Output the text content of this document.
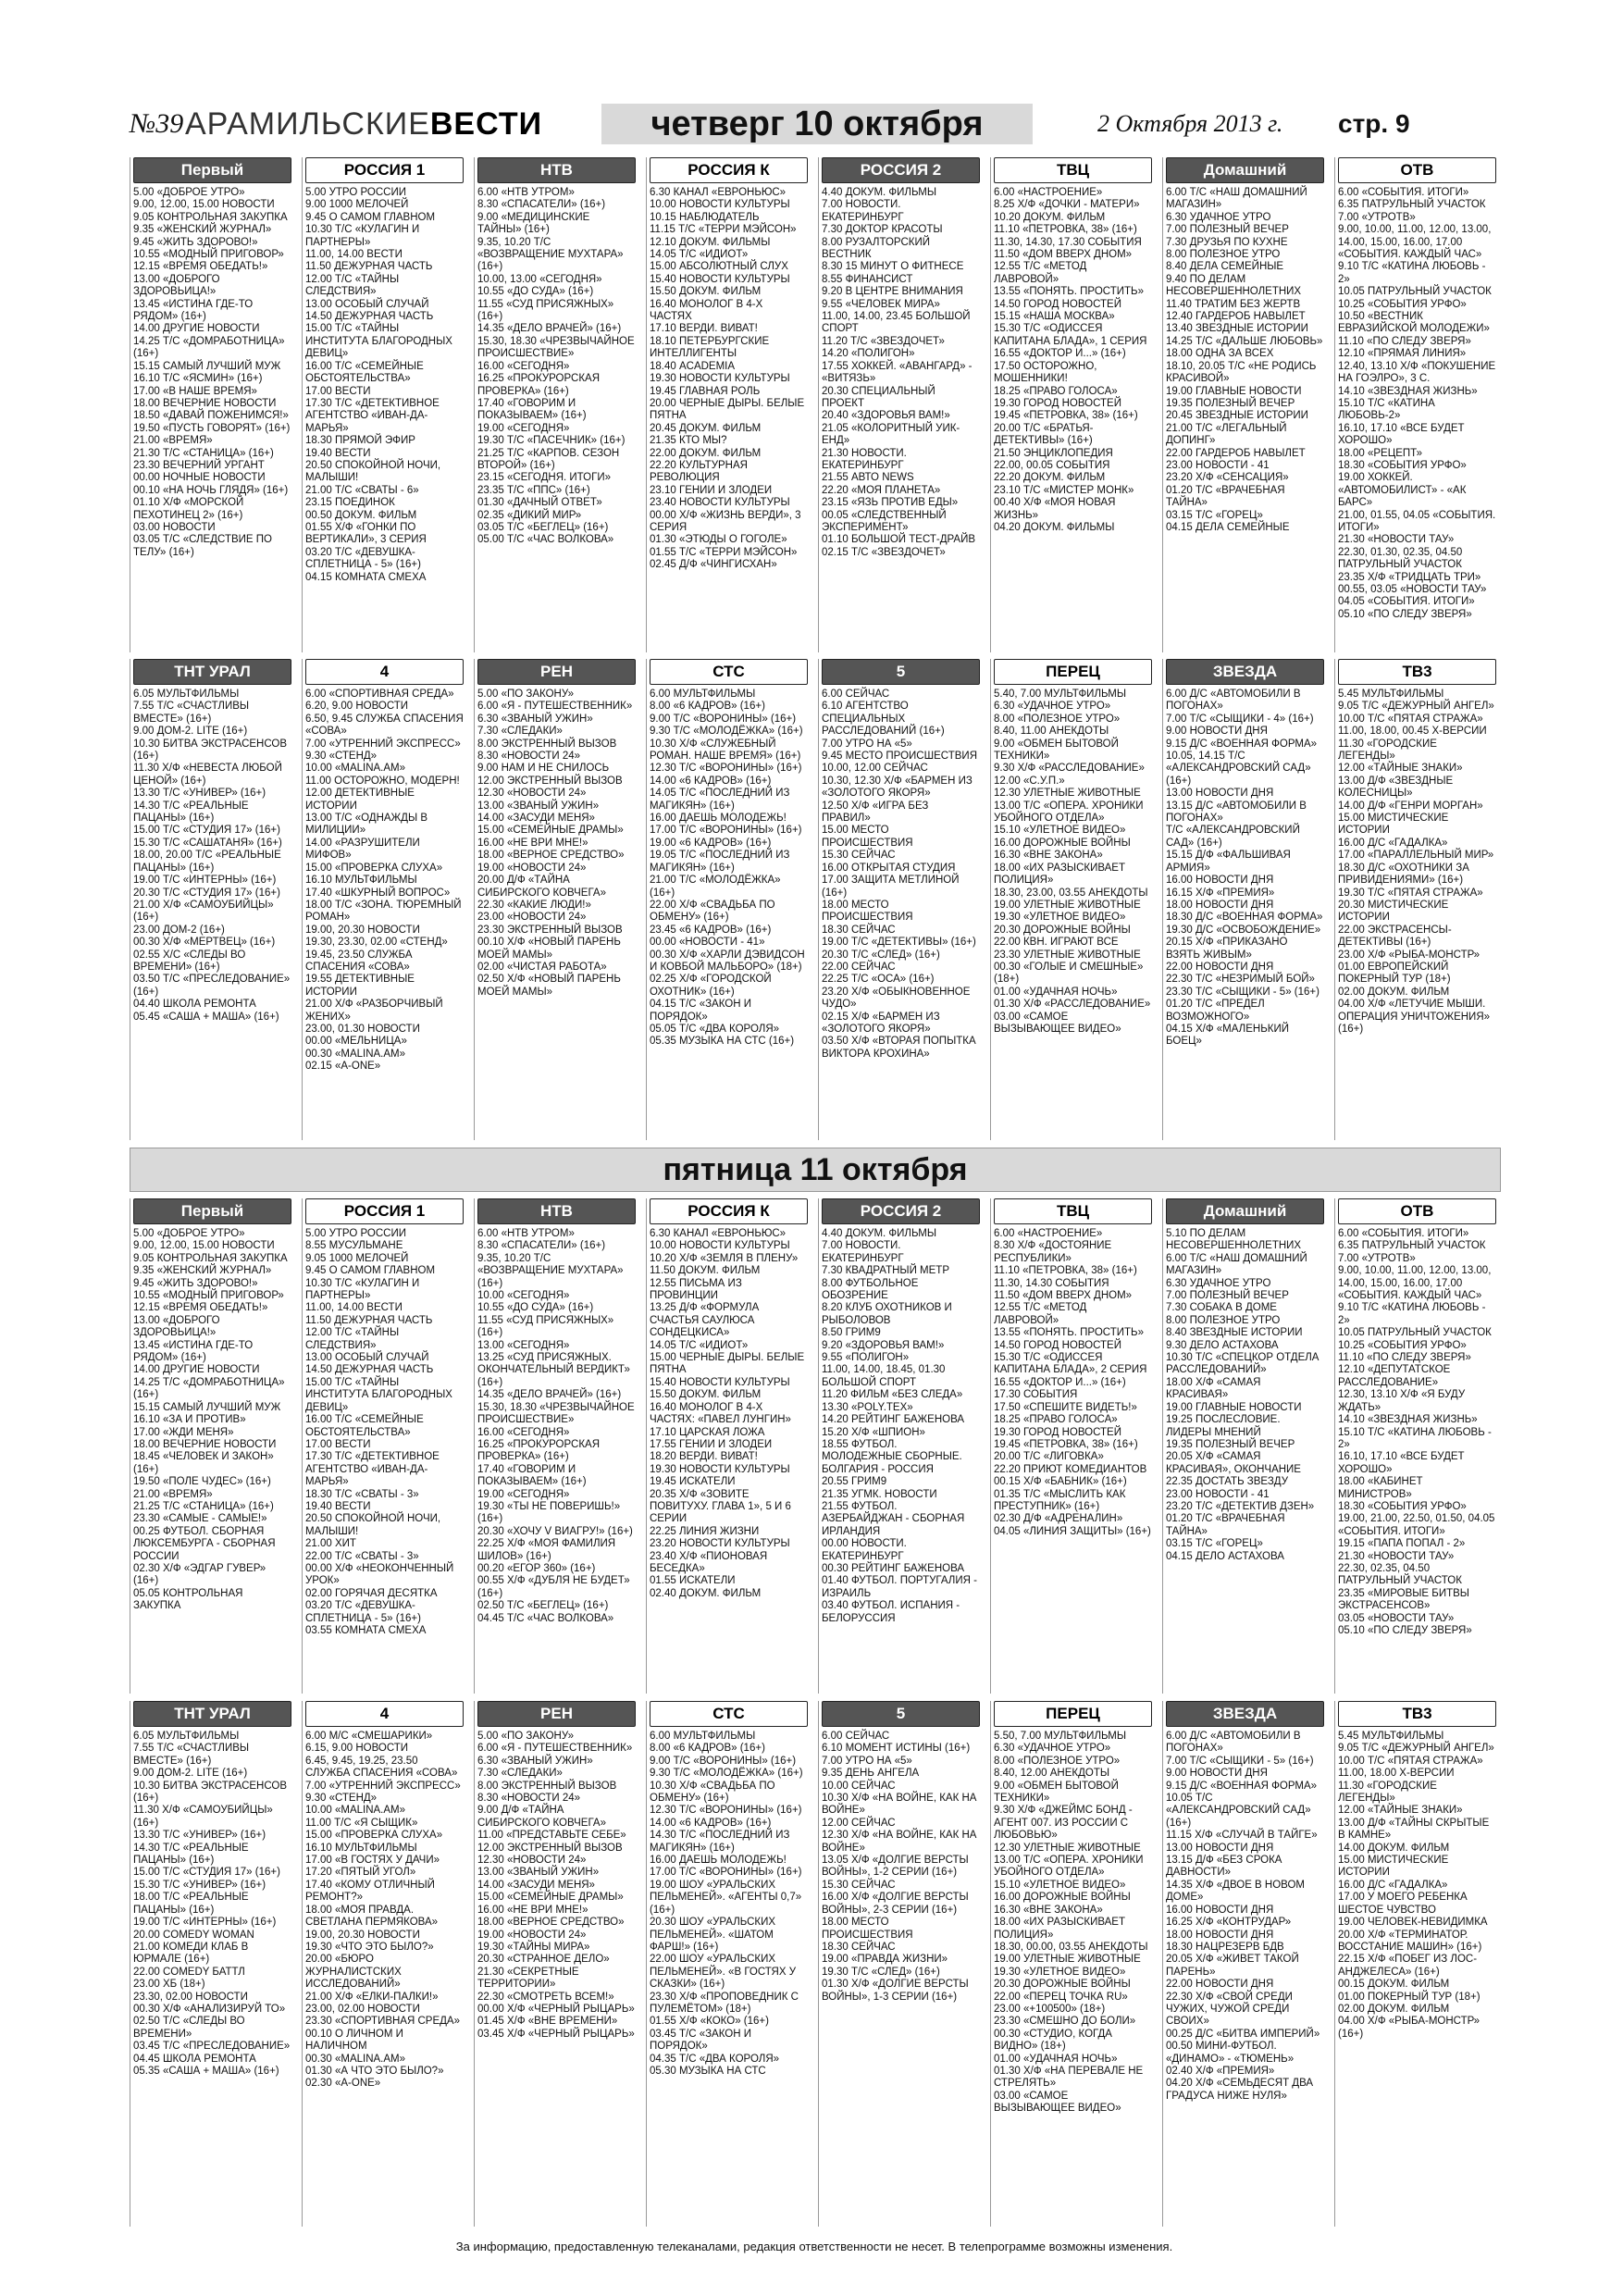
№39 АРАМИЛЬСКИЕВЕСТИ	четверг 10 октября	2 Октября 2013 г.	стр. 9
Первый
5.00 «ДОБРОЕ УТРО»
9.00, 12.00, 15.00 НОВОСТИ
9.05 КОНТРОЛЬНАЯ ЗАКУПКА
9.35 «ЖЕНСКИЙ ЖУРНАЛ»
9.45 «ЖИТЬ ЗДОРОВО!»
10.55 «МОДНЫЙ ПРИГОВОР»
12.15 «ВРЕМЯ ОБЕДАТЬ!»
13.00 «ДОБРОГО ЗДОРОВЬИЦА!»
13.45 «ИСТИНА ГДЕ-ТО РЯДОМ» (16+)
14.00 ДРУГИЕ НОВОСТИ
14.25 Т/С «ДОМРАБОТНИЦА» (16+)
15.15 САМЫЙ ЛУЧШИЙ МУЖ
16.10 Т/С «ЯСМИН» (16+)
17.00 «В НАШЕ ВРЕМЯ»
18.00 ВЕЧЕРНИЕ НОВОСТИ
18.50 «ДАВАЙ ПОЖЕНИМСЯ!»
19.50 «ПУСТЬ ГОВОРЯТ» (16+)
21.00 «ВРЕМЯ»
21.30 Т/С «СТАНИЦА» (16+)
23.30 ВЕЧЕРНИЙ УРГАНТ
00.00 НОЧНЫЕ НОВОСТИ
00.10 «НА НОЧЬ ГЛЯДЯ» (16+)
01.10 Х/Ф «МОРСКОЙ ПЕХОТИНЕЦ 2» (16+)
03.00 НОВОСТИ
03.05 Т/С «СЛЕДСТВИЕ ПО ТЕЛУ» (16+)
РОССИЯ 1
5.00 УТРО РОССИИ
9.00 1000 МЕЛОЧЕЙ
9.45 О САМОМ ГЛАВНОМ
10.30 Т/С «КУЛАГИН И ПАРТНЕРЫ»
11.00, 14.00 ВЕСТИ
11.50 ДЕЖУРНАЯ ЧАСТЬ
12.00 Т/С «ТАЙНЫ СЛЕДСТВИЯ»
13.00 ОСОБЫЙ СЛУЧАЙ
14.50 ДЕЖУРНАЯ ЧАСТЬ
15.00 Т/С «ТАЙНЫ ИНСТИТУТА БЛАГОРОДНЫХ ДЕВИЦ»
16.00 Т/С «СЕМЕЙНЫЕ ОБСТОЯТЕЛЬСТВА»
17.00 ВЕСТИ
17.30 Т/С «ДЕТЕКТИВНОЕ АГЕНТСТВО «ИВАН-ДА-МАРЬЯ»
18.30 ПРЯМОЙ ЭФИР
19.40 ВЕСТИ
20.50 СПОКОЙНОЙ НОЧИ, МАЛЫШИ!
21.00 Т/С «СВАТЫ - 6»
23.15 ПОЕДИНОК
00.50 ДОКУМ. ФИЛЬМ
01.55 Х/Ф «ГОНКИ ПО ВЕРТИКАЛИ», 3 СЕРИЯ
03.20 Т/С «ДЕВУШКА-СПЛЕТНИЦА - 5» (16+)
04.15 КОМНАТА СМЕХА
НТВ
6.00 «НТВ УТРОМ»
8.30 «СПАСАТЕЛИ» (16+)
9.00 «МЕДИЦИНСКИЕ ТАЙНЫ» (16+)
9.35, 10.20 Т/С «ВОЗВРАЩЕНИЕ МУХТАРА» (16+)
10.00, 13.00 «СЕГОДНЯ»
10.55 «ДО СУДА» (16+)
11.55 «СУД ПРИСЯЖНЫХ» (16+)
14.35 «ДЕЛО ВРАЧЕЙ» (16+)
15.30, 18.30 «ЧРЕЗВЫЧАЙНОЕ ПРОИСШЕСТВИЕ»
16.00 «СЕГОДНЯ»
16.25 «ПРОКУРОРСКАЯ ПРОВЕРКА» (16+)
17.40 «ГОВОРИМ И ПОКАЗЫВАЕМ» (16+)
19.00 «СЕГОДНЯ»
19.30 Т/С «ПАСЕЧНИК» (16+)
21.25 Т/С «КАРПОВ. СЕЗОН ВТОРОЙ» (16+)
23.15 «СЕГОДНЯ. ИТОГИ»
23.35 Т/С «ППС» (16+)
01.30 «ДАЧНЫЙ ОТВЕТ»
02.35 «ДИКИЙ МИР»
03.05 Т/С «БЕГЛЕЦ» (16+)
05.00 Т/С «ЧАС ВОЛКОВА»
РОССИЯ К
6.30 КАНАЛ «ЕВРОНЬЮС»
10.00 НОВОСТИ КУЛЬТУРЫ
10.15 НАБЛЮДАТЕЛЬ
11.15 Т/С «ТЕРРИ МЭЙСОН»
12.10 ДОКУМ. ФИЛЬМЫ
14.05 Т/С «ИДИОТ»
15.00 АБСОЛЮТНЫЙ СЛУХ
15.40 НОВОСТИ КУЛЬТУРЫ
15.50 ДОКУМ. ФИЛЬМ
16.40 МОНОЛОГ В 4-Х ЧАСТЯХ
17.10 ВЕРДИ. ВИВАТ!
18.10 ПЕТЕРБУРГСКИЕ ИНТЕЛЛИГЕНТЫ
18.40 ACADEMIA
19.30 НОВОСТИ КУЛЬТУРЫ
19.45 ГЛАВНАЯ РОЛЬ
20.00 ЧЕРНЫЕ ДЫРЫ. БЕЛЫЕ ПЯТНА
20.45 ДОКУМ. ФИЛЬМ
21.35 КТО МЫ?
22.00 ДОКУМ. ФИЛЬМ
22.20 КУЛЬТУРНАЯ РЕВОЛЮЦИЯ
23.10 ГЕНИИ И ЗЛОДЕИ
23.40 НОВОСТИ КУЛЬТУРЫ
00.00 Х/Ф «ЖИЗНЬ ВЕРДИ», 3 СЕРИЯ
01.30 «ЭТЮДЫ О ГОГОЛЕ»
01.55 Т/С «ТЕРРИ МЭЙСОН»
02.45 Д/Ф «ЧИНГИСХАН»
РОССИЯ 2
4.40 ДОКУМ. ФИЛЬМЫ
7.00 НОВОСТИ. ЕКАТЕРИНБУРГ
7.30 ДОКТОР КРАСОТЫ
8.00 РУЗАЛТОРСКИЙ ВЕСТНИК
8.30 15 МИНУТ О ФИТНЕСЕ
8.55 ФИНАНСИСТ
9.20 В ЦЕНТРЕ ВНИМАНИЯ
9.55 «ЧЕЛОВЕК МИРА»
11.00, 14.00, 23.45 БОЛЬШОЙ СПОРТ
11.20 Т/С «ЗВЕЗДОЧЕТ»
14.20 «ПОЛИГОН»
17.55 ХОККЕЙ. «АВАНГАРД» - «ВИТЯЗЬ»
20.30 СПЕЦИАЛЬНЫЙ ПРОЕКТ
20.40 «ЗДОРОВЬЯ ВАМ!»
21.05 «КОЛОРИТНЫЙ УИК-ЕНД»
21.30 НОВОСТИ. ЕКАТЕРИНБУРГ
21.55 АВТО NEWS
22.20 «МОЯ ПЛАНЕТА»
23.15 «ЯЗЬ ПРОТИВ ЕДЫ»
00.05 «СЛЕДСТВЕННЫЙ ЭКСПЕРИМЕНТ»
01.10 БОЛЬШОЙ ТЕСТ-ДРАЙВ
02.15 Т/С «ЗВЕЗДОЧЕТ»
ТВЦ
6.00 «НАСТРОЕНИЕ»
8.25 Х/Ф «ДОЧКИ - МАТЕРИ»
10.20 ДОКУМ. ФИЛЬМ
11.10 «ПЕТРОВКА, 38» (16+)
11.30, 14.30, 17.30 СОБЫТИЯ
11.50 «ДОМ ВВЕРХ ДНОМ»
12.55 Т/С «МЕТОД ЛАВРОВОЙ»
13.55 «ПОНЯТЬ. ПРОСТИТЬ»
14.50 ГОРОД НОВОСТЕЙ
15.15 «НАША МОСКВА»
15.30 Т/С «ОДИССЕЯ КАПИТАНА БЛАДА», 1 СЕРИЯ
16.55 «ДОКТОР И...» (16+)
17.50 ОСТОРОЖНО, МОШЕННИКИ!
18.25 «ПРАВО ГОЛОСА»
19.30 ГОРОД НОВОСТЕЙ
19.45 «ПЕТРОВКА, 38» (16+)
20.00 Т/С «БРАТЬЯ-ДЕТЕКТИВЫ» (16+)
21.50 ЭНЦИКЛОПЕДИЯ
22.00, 00.05 СОБЫТИЯ
22.20 ДОКУМ. ФИЛЬМ
23.10 Т/С «МИСТЕР МОНК»
00.40 Х/Ф «МОЯ НОВАЯ ЖИЗНЬ»
04.20 ДОКУМ. ФИЛЬМЫ
Домашний
6.00 Т/С «НАШ ДОМАШНИЙ МАГАЗИН»
6.30 УДАЧНОЕ УТРО
7.00 ПОЛЕЗНЫЙ ВЕЧЕР
7.30 ДРУЗЬЯ ПО КУХНЕ
8.00 ПОЛЕЗНОЕ УТРО
8.40 ДЕЛА СЕМЕЙНЫЕ
9.40 ПО ДЕЛАМ НЕСОВЕРШЕННОЛЕТНИХ
11.40 ТРАТИМ БЕЗ ЖЕРТВ
12.40 ГАРДЕРОБ НАВЫЛЕТ
13.40 ЗВЕЗДНЫЕ ИСТОРИИ
14.25 Т/С «ДАЛЬШЕ ЛЮБОВЬ»
18.00 ОДНА ЗА ВСЕХ
18.10, 20.05 Т/С «НЕ РОДИСЬ КРАСИВОЙ»
19.00 ГЛАВНЫЕ НОВОСТИ
19.35 ПОЛЕЗНЫЙ ВЕЧЕР
20.45 ЗВЕЗДНЫЕ ИСТОРИИ
21.00 Т/С «ЛЕГАЛЬНЫЙ ДОПИНГ»
22.00 ГАРДЕРОБ НАВЫЛЕТ
23.00 НОВОСТИ - 41
23.20 Х/Ф «СЕНСАЦИЯ»
01.20 Т/С «ВРАЧЕБНАЯ ТАЙНА»
03.15 Т/С «ГОРЕЦ»
04.15 ДЕЛА СЕМЕЙНЫЕ
ОТВ
6.00 «СОБЫТИЯ. ИТОГИ»
6.35 ПАТРУЛЬНЫЙ УЧАСТОК
7.00 «УТРОТВ»
9.00, 10.00, 11.00, 12.00, 13.00, 14.00, 15.00, 16.00, 17.00 «СОБЫТИЯ. КАЖДЫЙ ЧАС»
9.10 Т/С «КАТИНА ЛЮБОВЬ - 2»
10.05 ПАТРУЛЬНЫЙ УЧАСТОК
10.25 «СОБЫТИЯ УРФО»
10.50 «ВЕСТНИК ЕВРАЗИЙСКОЙ МОЛОДЕЖИ»
11.10 «ПО СЛЕДУ ЗВЕРЯ»
12.10 «ПРЯМАЯ ЛИНИЯ»
12.40, 13.10 Х/Ф «ПОКУШЕНИЕ НА ГОЭЛРО», 3 С.
14.10 «ЗВЕЗДНАЯ ЖИЗНЬ»
15.10 Т/С «КАТИНА ЛЮБОВЬ-2»
16.10, 17.10 «ВСЕ БУДЕТ ХОРОШО»
18.00 «РЕЦЕПТ»
18.30 «СОБЫТИЯ УРФО»
19.00 ХОККЕЙ. «АВТОМОБИЛИСТ» - «АК БАРС»
21.00, 01.55, 04.05 «СОБЫТИЯ. ИТОГИ»
21.30 «НОВОСТИ ТАУ»
22.30, 01.30, 02.35, 04.50 ПАТРУЛЬНЫЙ УЧАСТОК
23.35 Х/Ф «ТРИДЦАТЬ ТРИ»
00.55, 03.05 «НОВОСТИ ТАУ»
04.05 «СОБЫТИЯ. ИТОГИ»
05.10 «ПО СЛЕДУ ЗВЕРЯ»
ТНТ УРАЛ
6.05 МУЛЬТФИЛЬМЫ
7.55 Т/С «СЧАСТЛИВЫ ВМЕСТЕ» (16+)
9.00 ДОМ-2. LITE (16+)
10.30 БИТВА ЭКСТРАСЕНСОВ (16+)
11.30 Х/Ф «НЕВЕСТА ЛЮБОЙ ЦЕНОЙ» (16+)
13.30 Т/С «УНИВЕР» (16+)
14.30 Т/С «РЕАЛЬНЫЕ ПАЦАНЫ» (16+)
15.00 Т/С «СТУДИЯ 17» (16+)
15.30 Т/С «САШАТАНЯ» (16+)
18.00, 20.00 Т/С «РЕАЛЬНЫЕ ПАЦАНЫ» (16+)
19.00 Т/С «ИНТЕРНЫ» (16+)
20.30 Т/С «СТУДИЯ 17» (16+)
21.00 Х/Ф «САМОУБИЙЦЫ» (16+)
23.00 ДОМ-2 (16+)
00.30 Х/Ф «МЕРТВЕЦ» (16+)
02.55 Х/С «СЛЕДЫ ВО ВРЕМЕНИ» (16+)
03.50 Т/С «ПРЕСЛЕДОВАНИЕ» (16+)
04.40 ШКОЛА РЕМОНТА
05.45 «САША + МАША» (16+)
4
6.00 «СПОРТИВНАЯ СРЕДА»
6.20, 9.00 НОВОСТИ
6.50, 9.45 СЛУЖБА СПАСЕНИЯ «СОВА»
7.00 «УТРЕННИЙ ЭКСПРЕСС»
9.30 «СТЕНД»
10.00 «MALINA.AM»
11.00 ОСТОРОЖНО, МОДЕРН!
12.00 ДЕТЕКТИВНЫЕ ИСТОРИИ
13.00 Т/С «ОДНАЖДЫ В МИЛИЦИИ»
14.00 «РАЗРУШИТЕЛИ МИФОВ»
15.00 «ПРОВЕРКА СЛУХА»
16.10 МУЛЬТФИЛЬМЫ
17.40 «ШКУРНЫЙ ВОПРОС»
18.00 Т/С «ЗОНА. ТЮРЕМНЫЙ РОМАН»
19.00, 20.30 НОВОСТИ
19.30, 23.30, 02.00 «СТЕНД»
19.45, 23.50 СЛУЖБА СПАСЕНИЯ «СОВА»
19.55 ДЕТЕКТИВНЫЕ ИСТОРИИ
21.00 Х/Ф «РАЗБОРЧИВЫЙ ЖЕНИХ»
23.00, 01.30 НОВОСТИ
00.00 «МЕЛЬНИЦА»
00.30 «MALINA.AM»
02.15 «A-ONE»
РЕН
5.00 «ПО ЗАКОНУ»
6.00 «Я - ПУТЕШЕСТВЕННИК»
6.30 «ЗВАНЫЙ УЖИН»
7.30 «СЛЕДАКИ»
8.00 ЭКСТРЕННЫЙ ВЫЗОВ
8.30 «НОВОСТИ 24»
9.00 НАМ И НЕ СНИЛОСЬ
12.00 ЭКСТРЕННЫЙ ВЫЗОВ
12.30 «НОВОСТИ 24»
13.00 «ЗВАНЫЙ УЖИН»
14.00 «ЗАСУДИ МЕНЯ»
15.00 «СЕМЕЙНЫЕ ДРАМЫ»
16.00 «НЕ ВРИ МНЕ!»
18.00 «ВЕРНОЕ СРЕДСТВО»
19.00 «НОВОСТИ 24»
20.00 Д/Ф «ТАЙНА СИБИРСКОГО КОВЧЕГА»
22.30 «КАКИЕ ЛЮДИ!»
23.00 «НОВОСТИ 24»
23.30 ЭКСТРЕННЫЙ ВЫЗОВ
00.10 Х/Ф «НОВЫЙ ПАРЕНЬ МОЕЙ МАМЫ»
02.00 «ЧИСТАЯ РАБОТА»
02.50 Х/Ф «НОВЫЙ ПАРЕНЬ МОЕЙ МАМЫ»
СТС
6.00 МУЛЬТФИЛЬМЫ
8.00 «6 КАДРОВ» (16+)
9.00 Т/С «ВОРОНИНЫ» (16+)
9.30 Т/С «МОЛОДЁЖКА» (16+)
10.30 Х/Ф «СЛУЖЕБНЫЙ РОМАН. НАШЕ ВРЕМЯ» (16+)
12.30 Т/С «ВОРОНИНЫ» (16+)
14.00 «6 КАДРОВ» (16+)
14.05 Т/С «ПОСЛЕДНИЙ ИЗ МАГИКЯН» (16+)
16.00 ДАЕШЬ МОЛОДЕЖЬ!
17.00 Т/С «ВОРОНИНЫ» (16+)
19.00 «6 КАДРОВ» (16+)
19.05 Т/С «ПОСЛЕДНИЙ ИЗ МАГИКЯН» (16+)
21.00 Т/С «МОЛОДЁЖКА» (16+)
22.00 Х/Ф «СВАДЬБА ПО ОБМЕНУ» (16+)
23.45 «6 КАДРОВ» (16+)
00.00 «НОВОСТИ - 41»
00.30 Х/Ф «ХАРЛИ ДЭВИДСОН И КОВБОЙ МАЛЬБОРО» (18+)
02.25 Х/Ф «ГОРОДСКОЙ ОХОТНИК» (16+)
04.15 Т/С «ЗАКОН И ПОРЯДОК»
05.05 Т/С «ДВА КОРОЛЯ»
05.35 МУЗЫКА НА СТС (16+)
5
6.00 СЕЙЧАС
6.10 АГЕНТСТВО СПЕЦИАЛЬНЫХ РАССЛЕДОВАНИЙ (16+)
7.00 УТРО НА «5»
9.45 МЕСТО ПРОИСШЕСТВИЯ
10.00, 12.00 СЕЙЧАС
10.30, 12.30 Х/Ф «БАРМЕН ИЗ «ЗОЛОТОГО ЯКОРЯ»
12.50 Х/Ф «ИГРА БЕЗ ПРАВИЛ»
15.00 МЕСТО ПРОИСШЕСТВИЯ
15.30 СЕЙЧАС
16.00 ОТКРЫТАЯ СТУДИЯ
17.00 ЗАЩИТА МЕТЛИНОЙ (16+)
18.00 МЕСТО ПРОИСШЕСТВИЯ
18.30 СЕЙЧАС
19.00 Т/С «ДЕТЕКТИВЫ» (16+)
20.30 Т/С «СЛЕД» (16+)
22.00 СЕЙЧАС
22.25 Т/С «ОСА» (16+)
23.20 Х/Ф «ОБЫКНОВЕННОЕ ЧУДО»
02.15 Х/Ф «БАРМЕН ИЗ «ЗОЛОТОГО ЯКОРЯ»
03.50 Х/Ф «ВТОРАЯ ПОПЫТКА ВИКТОРА КРОХИНА»
ПЕРЕЦ
5.40, 7.00 МУЛЬТФИЛЬМЫ
6.30 «УДАЧНОЕ УТРО»
8.00 «ПОЛЕЗНОЕ УТРО»
8.40, 11.00 АНЕКДОТЫ
9.00 «ОБМЕН БЫТОВОЙ ТЕХНИКИ»
9.30 Х/Ф «РАССЛЕДОВАНИЕ»
12.00 «С.У.П.»
12.30 УЛЕТНЫЕ ЖИВОТНЫЕ
13.00 Т/С «ОПЕРА. ХРОНИКИ УБОЙНОГО ОТДЕЛА»
15.10 «УЛЕТНОЕ ВИДЕО»
16.00 ДОРОЖНЫЕ ВОЙНЫ
16.30 «ВНЕ ЗАКОНА»
18.00 «ИХ РАЗЫСКИВАЕТ ПОЛИЦИЯ»
18.30, 23.00, 03.55 АНЕКДОТЫ
19.00 УЛЕТНЫЕ ЖИВОТНЫЕ
19.30 «УЛЕТНОЕ ВИДЕО»
20.30 ДОРОЖНЫЕ ВОЙНЫ
22.00 КВН. ИГРАЮТ ВСЕ
23.30 УЛЕТНЫЕ ЖИВОТНЫЕ
00.30 «ГОЛЫЕ И СМЕШНЫЕ» (18+)
01.00 «УДАЧНАЯ НОЧЬ»
01.30 Х/Ф «РАССЛЕДОВАНИЕ»
03.00 «САМОЕ ВЫЗЫВАЮЩЕЕ ВИДЕО»
ЗВЕЗДА
6.00 Д/С «АВТОМОБИЛИ В ПОГОНАХ»
7.00 Т/С «СЫЩИКИ - 4» (16+)
9.00 НОВОСТИ ДНЯ
9.15 Д/С «ВОЕННАЯ ФОРМА»
10.05, 14.15 Т/С «АЛЕКСАНДРОВСКИЙ САД» (16+)
13.00 НОВОСТИ ДНЯ
13.15 Д/С «АВТОМОБИЛИ В ПОГОНАХ»
Т/С «АЛЕКСАНДРОВСКИЙ САД» (16+)
15.15 Д/Ф «ФАЛЬШИВАЯ АРМИЯ»
16.00 НОВОСТИ ДНЯ
16.15 Х/Ф «ПРЕМИЯ»
18.00 НОВОСТИ ДНЯ
18.30 Д/С «ВОЕННАЯ ФОРМА»
19.30 Д/С «ОСВОБОЖДЕНИЕ»
20.15 Х/Ф «ПРИКАЗАНО ВЗЯТЬ ЖИВЫМ»
22.00 НОВОСТИ ДНЯ
22.30 Т/С «НЕЗРИМЫЙ БОЙ»
23.30 Т/С «СЫЩИКИ - 5» (16+)
01.20 Т/С «ПРЕДЕЛ ВОЗМОЖНОГО»
04.15 Х/Ф «МАЛЕНЬКИЙ БОЕЦ»
ТВ3
5.45 МУЛЬТФИЛЬМЫ
9.05 Т/С «ДЕЖУРНЫЙ АНГЕЛ»
10.00 Т/С «ПЯТАЯ СТРАЖА»
11.00, 18.00, 00.45 Х-ВЕРСИИ
11.30 «ГОРОДСКИЕ ЛЕГЕНДЫ»
12.00 «ТАЙНЫЕ ЗНАКИ»
13.00 Д/Ф «ЗВЕЗДНЫЕ КОЛЕСНИЦЫ»
14.00 Д/Ф «ГЕНРИ МОРГАН»
15.00 МИСТИЧЕСКИЕ ИСТОРИИ
16.00 Д/С «ГАДАЛКА»
17.00 «ПАРАЛЛЕЛЬНЫЙ МИР»
18.30 Д/С «ОХОТНИКИ ЗА ПРИВИДЕНИЯМИ» (16+)
19.30 Т/С «ПЯТАЯ СТРАЖА»
20.30 МИСТИЧЕСКИЕ ИСТОРИИ
22.00 ЭКСТРАСЕНСЫ-ДЕТЕКТИВЫ (16+)
23.00 Х/Ф «РЫБА-МОНСТР»
01.00 ЕВРОПЕЙСКИЙ ПОКЕРНЫЙ ТУР (18+)
02.00 ДОКУМ. ФИЛЬМ
04.00 Х/Ф «ЛЕТУЧИЕ МЫШИ. ОПЕРАЦИЯ УНИЧТОЖЕНИЯ» (16+)
пятница 11 октября
Первый
5.00 «ДОБРОЕ УТРО»
9.00, 12.00, 15.00 НОВОСТИ
9.05 КОНТРОЛЬНАЯ ЗАКУПКА
9.35 «ЖЕНСКИЙ ЖУРНАЛ»
9.45 «ЖИТЬ ЗДОРОВО!»
10.55 «МОДНЫЙ ПРИГОВОР»
12.15 «ВРЕМЯ ОБЕДАТЬ!»
13.00 «ДОБРОГО ЗДОРОВЬИЦА!»
13.45 «ИСТИНА ГДЕ-ТО РЯДОМ» (16+)
14.00 ДРУГИЕ НОВОСТИ
14.25 Т/С «ДОМРАБОТНИЦА» (16+)
15.15 САМЫЙ ЛУЧШИЙ МУЖ
16.10 «ЗА И ПРОТИВ»
17.00 «ЖДИ МЕНЯ»
18.00 ВЕЧЕРНИЕ НОВОСТИ
18.45 «ЧЕЛОВЕК И ЗАКОН» (16+)
19.50 «ПОЛЕ ЧУДЕС» (16+)
21.00 «ВРЕМЯ»
21.25 Т/С «СТАНИЦА» (16+)
23.30 «САМЫЕ - САМЫЕ!»
00.25 ФУТБОЛ. СБОРНАЯ ЛЮКСЕМБУРГА - СБОРНАЯ РОССИИ
02.30 Х/Ф «ЭДГАР ГУВЕР» (16+)
05.05 КОНТРОЛЬНАЯ ЗАКУПКА
РОССИЯ 1
5.00 УТРО РОССИИ
8.55 МУСУЛЬМАНЕ
9.05 1000 МЕЛОЧЕЙ
9.45 О САМОМ ГЛАВНОМ
10.30 Т/С «КУЛАГИН И ПАРТНЕРЫ»
11.00, 14.00 ВЕСТИ
11.50 ДЕЖУРНАЯ ЧАСТЬ
12.00 Т/С «ТАЙНЫ СЛЕДСТВИЯ»
13.00 ОСОБЫЙ СЛУЧАЙ
14.50 ДЕЖУРНАЯ ЧАСТЬ
15.00 Т/С «ТАЙНЫ ИНСТИТУТА БЛАГОРОДНЫХ ДЕВИЦ»
16.00 Т/С «СЕМЕЙНЫЕ ОБСТОЯТЕЛЬСТВА»
17.00 ВЕСТИ
17.30 Т/С «ДЕТЕКТИВНОЕ АГЕНТСТВО «ИВАН-ДА-МАРЬЯ»
18.30 Т/С «СВАТЫ - 3»
19.40 ВЕСТИ
20.50 СПОКОЙНОЙ НОЧИ, МАЛЫШИ!
21.00 ХИТ
22.00 Т/С «СВАТЫ - 3»
00.00 Х/Ф «НЕОКОНЧЕННЫЙ УРОК»
02.00 ГОРЯЧАЯ ДЕСЯТКА
03.20 Т/С «ДЕВУШКА-СПЛЕТНИЦА - 5» (16+)
03.55 КОМНАТА СМЕХА
НТВ
6.00 «НТВ УТРОМ»
8.30 «СПАСАТЕЛИ» (16+)
9.35, 10.20 Т/С «ВОЗВРАЩЕНИЕ МУХТАРА» (16+)
10.00 «СЕГОДНЯ»
10.55 «ДО СУДА» (16+)
11.55 «СУД ПРИСЯЖНЫХ» (16+)
13.00 «СЕГОДНЯ»
13.25 «СУД ПРИСЯЖНЫХ. ОКОНЧАТЕЛЬНЫЙ ВЕРДИКТ» (16+)
14.35 «ДЕЛО ВРАЧЕЙ» (16+)
15.30, 18.30 «ЧРЕЗВЫЧАЙНОЕ ПРОИСШЕСТВИЕ»
16.00 «СЕГОДНЯ»
16.25 «ПРОКУРОРСКАЯ ПРОВЕРКА» (16+)
17.40 «ГОВОРИМ И ПОКАЗЫВАЕМ» (16+)
19.00 «СЕГОДНЯ»
19.30 «ТЫ НЕ ПОВЕРИШЬ!» (16+)
20.30 «ХОЧУ V ВИАГРУ!» (16+)
22.25 Х/Ф «МОЯ ФАМИЛИЯ ШИЛОВ» (16+)
00.20 «ЕГОР 360» (16+)
00.55 Х/Ф «ДУБЛЯ НЕ БУДЕТ» (16+)
02.50 Т/С «БЕГЛЕЦ» (16+)
04.45 Т/С «ЧАС ВОЛКОВА»
РОССИЯ К
6.30 КАНАЛ «ЕВРОНЬЮС»
10.00 НОВОСТИ КУЛЬТУРЫ
10.20 Х/Ф «ЗЕМЛЯ В ПЛЕНУ»
11.50 ДОКУМ. ФИЛЬМ
12.55 ПИСЬМА ИЗ ПРОВИНЦИИ
13.25 Д/Ф «ФОРМУЛА СЧАСТЬЯ САУЛЮСА СОНДЕЦКИСА»
14.05 Т/С «ИДИОТ»
15.00 ЧЕРНЫЕ ДЫРЫ. БЕЛЫЕ ПЯТНА
15.40 НОВОСТИ КУЛЬТУРЫ
15.50 ДОКУМ. ФИЛЬМ
16.40 МОНОЛОГ В 4-Х ЧАСТЯХ: «ПАВЕЛ ЛУНГИН»
17.10 ЦАРСКАЯ ЛОЖА
17.55 ГЕНИИ И ЗЛОДЕИ
18.20 ВЕРДИ. ВИВАТ!
19.30 НОВОСТИ КУЛЬТУРЫ
19.45 ИСКАТЕЛИ
20.35 Х/Ф «ЗОВИТЕ ПОВИТУХУ. ГЛАВА 1», 5 И 6 СЕРИИ
22.25 ЛИНИЯ ЖИЗНИ
23.20 НОВОСТИ КУЛЬТУРЫ
23.40 Х/Ф «ПИОНОВАЯ БЕСЕДКА»
01.55 ИСКАТЕЛИ
02.40 ДОКУМ. ФИЛЬМ
РОССИЯ 2
4.40 ДОКУМ. ФИЛЬМЫ
7.00 НОВОСТИ. ЕКАТЕРИНБУРГ
7.30 КВАДРАТНЫЙ МЕТР
8.00 ФУТБОЛЬНОЕ ОБОЗРЕНИЕ
8.20 КЛУБ ОХОТНИКОВ И РЫБОЛОВОВ
8.50 ГРИМ9
9.20 «ЗДОРОВЬЯ ВАМ!»
9.55 «ПОЛИГОН»
11.00, 14.00, 18.45, 01.30 БОЛЬШОЙ СПОРТ
11.20 ФИЛЬМ «БЕЗ СЛЕДА»
13.30 «POLY.TEX»
14.20 РЕЙТИНГ БАЖЕНОВА
15.20 Х/Ф «ШПИОН»
18.55 ФУТБОЛ. МОЛОДЕЖНЫЕ СБОРНЫЕ. БОЛГАРИЯ - РОССИЯ
20.55 ГРИМ9
21.35 УГМК. НОВОСТИ
21.55 ФУТБОЛ. АЗЕРБАЙДЖАН - СБОРНАЯ ИРЛАНДИЯ
00.00 НОВОСТИ. ЕКАТЕРИНБУРГ
00.30 РЕЙТИНГ БАЖЕНОВА
01.40 ФУТБОЛ. ПОРТУГАЛИЯ - ИЗРАИЛЬ
03.40 ФУТБОЛ. ИСПАНИЯ - БЕЛОРУССИЯ
ТВЦ
6.00 «НАСТРОЕНИЕ»
8.30 Х/Ф «ДОСТОЯНИЕ РЕСПУБЛИКИ»
11.10 «ПЕТРОВКА, 38» (16+)
11.30, 14.30 СОБЫТИЯ
11.50 «ДОМ ВВЕРХ ДНОМ»
12.55 Т/С «МЕТОД ЛАВРОВОЙ»
13.55 «ПОНЯТЬ. ПРОСТИТЬ»
14.50 ГОРОД НОВОСТЕЙ
15.30 Т/С «ОДИССЕЯ КАПИТАНА БЛАДА», 2 СЕРИЯ
16.55 «ДОКТОР И...» (16+)
17.30 СОБЫТИЯ
17.50 «СПЕШИТЕ ВИДЕТЬ!»
18.25 «ПРАВО ГОЛОСА»
19.30 ГОРОД НОВОСТЕЙ
19.45 «ПЕТРОВКА, 38» (16+)
20.00 Т/С «ЛИГОВКА»
22.20 ПРИЮТ КОМЕДИАНТОВ
00.15 Х/Ф «БАБНИК» (16+)
01.35 Т/С «МЫСЛИТЬ КАК ПРЕСТУПНИК» (16+)
02.30 Д/Ф «АДРЕНАЛИН»
04.05 «ЛИНИЯ ЗАЩИТЫ» (16+)
Домашний
5.10 ПО ДЕЛАМ НЕСОВЕРШЕННОЛЕТНИХ
6.00 Т/С «НАШ ДОМАШНИЙ МАГАЗИН»
6.30 УДАЧНОЕ УТРО
7.00 ПОЛЕЗНЫЙ ВЕЧЕР
7.30 СОБАКА В ДОМЕ
8.00 ПОЛЕЗНОЕ УТРО
8.40 ЗВЕЗДНЫЕ ИСТОРИИ
9.30 ДЕЛО АСТАХОВА
10.30 Т/С «СПЕЦКОР ОТДЕЛА РАССЛЕДОВАНИЙ»
18.00 Х/Ф «САМАЯ КРАСИВАЯ»
19.00 ГЛАВНЫЕ НОВОСТИ
19.25 ПОСЛЕСЛОВИЕ. ЛИДЕРЫ МНЕНИЙ
19.35 ПОЛЕЗНЫЙ ВЕЧЕР
20.05 Х/Ф «САМАЯ КРАСИВАЯ», ОКОНЧАНИЕ
22.35 ДОСТАТЬ ЗВЕЗДУ
23.00 НОВОСТИ - 41
23.20 Т/С «ДЕТЕКТИВ ДЗЕН»
01.20 Т/С «ВРАЧЕБНАЯ ТАЙНА»
03.15 Т/С «ГОРЕЦ»
04.15 ДЕЛО АСТАХОВА
ОТВ
6.00 «СОБЫТИЯ. ИТОГИ»
6.35 ПАТРУЛЬНЫЙ УЧАСТОК
7.00 «УТРОТВ»
9.00, 10.00, 11.00, 12.00, 13.00, 14.00, 15.00, 16.00, 17.00 «СОБЫТИЯ. КАЖДЫЙ ЧАС»
9.10 Т/С «КАТИНА ЛЮБОВЬ - 2»
10.05 ПАТРУЛЬНЫЙ УЧАСТОК
10.25 «СОБЫТИЯ УРФО»
11.10 «ПО СЛЕДУ ЗВЕРЯ»
12.10 «ДЕПУТАТСКОЕ РАССЛЕДОВАНИЕ»
12.30, 13.10 Х/Ф «Я БУДУ ЖДАТЬ»
14.10 «ЗВЕЗДНАЯ ЖИЗНЬ»
15.10 Т/С «КАТИНА ЛЮБОВЬ - 2»
16.10, 17.10 «ВСЕ БУДЕТ ХОРОШО»
18.00 «КАБИНЕТ МИНИСТРОВ»
18.30 «СОБЫТИЯ УРФО»
19.00, 21.00, 22.50, 01.50, 04.05 «СОБЫТИЯ. ИТОГИ»
19.15 «ПАПА ПОПАЛ - 2»
21.30 «НОВОСТИ ТАУ»
22.30, 02.35, 04.50 ПАТРУЛЬНЫЙ УЧАСТОК
23.35 «МИРОВЫЕ БИТВЫ ЭКСТРАСЕНСОВ»
03.05 «НОВОСТИ ТАУ»
05.10 «ПО СЛЕДУ ЗВЕРЯ»
ТНТ УРАЛ
6.05 МУЛЬТФИЛЬМЫ
7.55 Т/С «СЧАСТЛИВЫ ВМЕСТЕ» (16+)
9.00 ДОМ-2. LITE (16+)
10.30 БИТВА ЭКСТРАСЕНСОВ (16+)
11.30 Х/Ф «САМОУБИЙЦЫ» (16+)
13.30 Т/С «УНИВЕР» (16+)
14.30 Т/С «РЕАЛЬНЫЕ ПАЦАНЫ» (16+)
15.00 Т/С «СТУДИЯ 17» (16+)
15.30 Т/С «УНИВЕР» (16+)
18.00 Т/С «РЕАЛЬНЫЕ ПАЦАНЫ» (16+)
19.00 Т/С «ИНТЕРНЫ» (16+)
20.00 COMEDY WOMAN
21.00 КОМЕДИ КЛАБ В ЮРМАЛЕ (16+)
22.00 COMEDY БАТТЛ
23.00 ХБ (18+)
23.30, 02.00 НОВОСТИ
00.30 Х/Ф «АНАЛИЗИРУЙ ТО»
02.50 Т/С «СЛЕДЫ ВО ВРЕМЕНИ»
03.45 Т/С «ПРЕСЛЕДОВАНИЕ»
04.45 ШКОЛА РЕМОНТА
05.35 «САША + МАША» (16+)
4
6.00 М/С «СМЕШАРИКИ»
6.15, 9.00 НОВОСТИ
6.45, 9.45, 19.25, 23.50 СЛУЖБА СПАСЕНИЯ «СОВА»
7.00 «УТРЕННИЙ ЭКСПРЕСС»
9.30 «СТЕНД»
10.00 «MALINA.AM»
11.00 Т/С «Я СЫЩИК»
15.00 «ПРОВЕРКА СЛУХА»
16.10 МУЛЬТФИЛЬМЫ
17.00 «В ГОСТЯХ У ДАЧИ»
17.20 «ПЯТЫЙ УГОЛ»
17.40 «КОМУ ОТЛИЧНЫЙ РЕМОНТ?»
18.00 «МОЯ ПРАВДА. СВЕТЛАНА ПЕРМЯКОВА»
19.00, 20.30 НОВОСТИ
19.30 «ЧТО ЭТО БЫЛО?»
20.00 «БЮРО ЖУРНАЛИСТСКИХ ИССЛЕДОВАНИЙ»
21.00 Х/Ф «ЕЛКИ-ПАЛКИ!»
23.00, 02.00 НОВОСТИ
23.30 «СПОРТИВНАЯ СРЕДА»
00.10 О ЛИЧНОМ И НАЛИЧНОМ
00.30 «MALINA.AM»
01.30 «А ЧТО ЭТО БЫЛО?»
02.30 «A-ONE»
РЕН
5.00 «ПО ЗАКОНУ»
6.00 «Я - ПУТЕШЕСТВЕННИК»
6.30 «ЗВАНЫЙ УЖИН»
7.30 «СЛЕДАКИ»
8.00 ЭКСТРЕННЫЙ ВЫЗОВ
8.30 «НОВОСТИ 24»
9.00 Д/Ф «ТАЙНА СИБИРСКОГО КОВЧЕГА»
11.00 «ПРЕДСТАВЬТЕ СЕБЕ»
12.00 ЭКСТРЕННЫЙ ВЫЗОВ
12.30 «НОВОСТИ 24»
13.00 «ЗВАНЫЙ УЖИН»
14.00 «ЗАСУДИ МЕНЯ»
15.00 «СЕМЕЙНЫЕ ДРАМЫ»
16.00 «НЕ ВРИ МНЕ!»
18.00 «ВЕРНОЕ СРЕДСТВО»
19.00 «НОВОСТИ 24»
19.30 «ТАЙНЫ МИРА»
20.30 «СТРАННОЕ ДЕЛО»
21.30 «СЕКРЕТНЫЕ ТЕРРИТОРИИ»
22.30 «СМОТРЕТЬ ВСЕМ!»
00.00 Х/Ф «ЧЕРНЫЙ РЫЦАРЬ»
01.45 Х/Ф «ВНЕ ВРЕМЕНИ»
03.45 Х/Ф «ЧЕРНЫЙ РЫЦАРЬ»
СТС
6.00 МУЛЬТФИЛЬМЫ
8.00 «6 КАДРОВ» (16+)
9.00 Т/С «ВОРОНИНЫ» (16+)
9.30 Т/С «МОЛОДЁЖКА» (16+)
10.30 Х/Ф «СВАДЬБА ПО ОБМЕНУ» (16+)
12.30 Т/С «ВОРОНИНЫ» (16+)
14.00 «6 КАДРОВ» (16+)
14.30 Т/С «ПОСЛЕДНИЙ ИЗ МАГИКЯН» (16+)
16.00 ДАЕШЬ МОЛОДЕЖЬ!
17.00 Т/С «ВОРОНИНЫ» (16+)
19.00 ШОУ «УРАЛЬСКИХ ПЕЛЬМЕНЕЙ». «АГЕНТЫ 0,7» (16+)
20.30 ШОУ «УРАЛЬСКИХ ПЕЛЬМЕНЕЙ». «ШАТОМ ФАРШ!» (16+)
22.00 ШОУ «УРАЛЬСКИХ ПЕЛЬМЕНЕЙ». «В ГОСТЯХ У СКАЗКИ» (16+)
23.30 Х/Ф «ПРОПОВЕДНИК С ПУЛЕМЁТОМ» (18+)
01.55 Х/Ф «КОКО» (16+)
03.45 Т/С «ЗАКОН И ПОРЯДОК»
04.35 Т/С «ДВА КОРОЛЯ»
05.30 МУЗЫКА НА СТС
5
6.00 СЕЙЧАС
6.10 МОМЕНТ ИСТИНЫ (16+)
7.00 УТРО НА «5»
9.35 ДЕНЬ АНГЕЛА
10.00 СЕЙЧАС
10.30 Х/Ф «НА ВОЙНЕ, КАК НА ВОЙНЕ»
12.00 СЕЙЧАС
12.30 Х/Ф «НА ВОЙНЕ, КАК НА ВОЙНЕ»
13.05 Х/Ф «ДОЛГИЕ ВЕРСТЫ ВОЙНЫ», 1-2 СЕРИИ (16+)
15.30 СЕЙЧАС
16.00 Х/Ф «ДОЛГИЕ ВЕРСТЫ ВОЙНЫ», 2-3 СЕРИИ (16+)
18.00 МЕСТО ПРОИСШЕСТВИЯ
18.30 СЕЙЧАС
19.00 «ПРАВДА ЖИЗНИ»
19.30 Т/С «СЛЕД» (16+)
01.30 Х/Ф «ДОЛГИЕ ВЕРСТЫ ВОЙНЫ», 1-3 СЕРИИ (16+)
ПЕРЕЦ
5.50, 7.00 МУЛЬТФИЛЬМЫ
6.30 «УДАЧНОЕ УТРО»
8.00 «ПОЛЕЗНОЕ УТРО»
8.40, 12.00 АНЕКДОТЫ
9.00 «ОБМЕН БЫТОВОЙ ТЕХНИКИ»
9.30 Х/Ф «ДЖЕЙМС БОНД - АГЕНТ 007. ИЗ РОССИИ С ЛЮБОВЬЮ»
12.30 УЛЕТНЫЕ ЖИВОТНЫЕ
13.00 Т/С «ОПЕРА. ХРОНИКИ УБОЙНОГО ОТДЕЛА»
15.10 «УЛЕТНОЕ ВИДЕО»
16.00 ДОРОЖНЫЕ ВОЙНЫ
16.30 «ВНЕ ЗАКОНА»
18.00 «ИХ РАЗЫСКИВАЕТ ПОЛИЦИЯ»
18.30, 00.00, 03.55 АНЕКДОТЫ
19.00 УЛЕТНЫЕ ЖИВОТНЫЕ
19.30 «УЛЕТНОЕ ВИДЕО»
20.30 ДОРОЖНЫЕ ВОЙНЫ
22.00 «ПЕРЕЦ ТОЧКА RU»
23.00 «+100500» (18+)
23.30 «СМЕШНО ДО БОЛИ»
00.30 «СТУДИО, КОГДА ВИДНО» (18+)
01.00 «УДАЧНАЯ НОЧЬ»
01.30 Х/Ф «НА ПЕРЕВАЛЕ НЕ СТРЕЛЯТЬ»
03.00 «САМОЕ ВЫЗЫВАЮЩЕЕ ВИДЕО»
ЗВЕЗДА
6.00 Д/С «АВТОМОБИЛИ В ПОГОНАХ»
7.00 Т/С «СЫЩИКИ - 5» (16+)
9.00 НОВОСТИ ДНЯ
9.15 Д/С «ВОЕННАЯ ФОРМА»
10.05 Т/С «АЛЕКСАНДРОВСКИЙ САД» (16+)
11.15 Х/Ф «СЛУЧАЙ В ТАЙГЕ»
13.00 НОВОСТИ ДНЯ
13.15 Д/Ф «БЕЗ СРОКА ДАВНОСТИ»
14.35 Х/Ф «ДВОЕ В НОВОМ ДОМЕ»
16.00 НОВОСТИ ДНЯ
16.25 Х/Ф «КОНТРУДАР»
18.00 НОВОСТИ ДНЯ
18.30 НАЦРЕЗЕРВ БДВ
20.05 Х/Ф «ЖИВЕТ ТАКОЙ ПАРЕНЬ»
22.00 НОВОСТИ ДНЯ
22.30 Х/Ф «СВОЙ СРЕДИ ЧУЖИХ, ЧУЖОЙ СРЕДИ СВОИХ»
00.25 Д/С «БИТВА ИМПЕРИЙ»
00.50 МИНИ-ФУТБОЛ. «ДИНАМО» - «ТЮМЕНЬ»
02.40 Х/Ф «ПРЕМИЯ»
04.20 Х/Ф «СЕМЬДЕСЯТ ДВА ГРАДУСА НИЖЕ НУЛЯ»
ТВ3
5.45 МУЛЬТФИЛЬМЫ
9.05 Т/С «ДЕЖУРНЫЙ АНГЕЛ»
10.00 Т/С «ПЯТАЯ СТРАЖА»
11.00, 18.00 Х-ВЕРСИИ
11.30 «ГОРОДСКИЕ ЛЕГЕНДЫ»
12.00 «ТАЙНЫЕ ЗНАКИ»
13.00 Д/Ф «ТАЙНЫ СКРЫТЫЕ В КАМНЕ»
14.00 ДОКУМ. ФИЛЬМ
15.00 МИСТИЧЕСКИЕ ИСТОРИИ
16.00 Д/С «ГАДАЛКА»
17.00 У МОЕГО РЕБЕНКА ШЕСТОЕ ЧУВСТВО
19.00 ЧЕЛОВЕК-НЕВИДИМКА
20.00 Х/Ф «ТЕРМИНАТОР. ВОССТАНИЕ МАШИН» (16+)
22.15 Х/Ф «ПОБЕГ ИЗ ЛОС-АНДЖЕЛЕСА» (16+)
00.15 ДОКУМ. ФИЛЬМ
01.00 ПОКЕРНЫЙ ТУР (18+)
02.00 ДОКУМ. ФИЛЬМ
04.00 Х/Ф «РЫБА-МОНСТР» (16+)
За информацию, предоставленную телеканалами, редакция ответственности не несет. В телепрограмме возможны изменения.
